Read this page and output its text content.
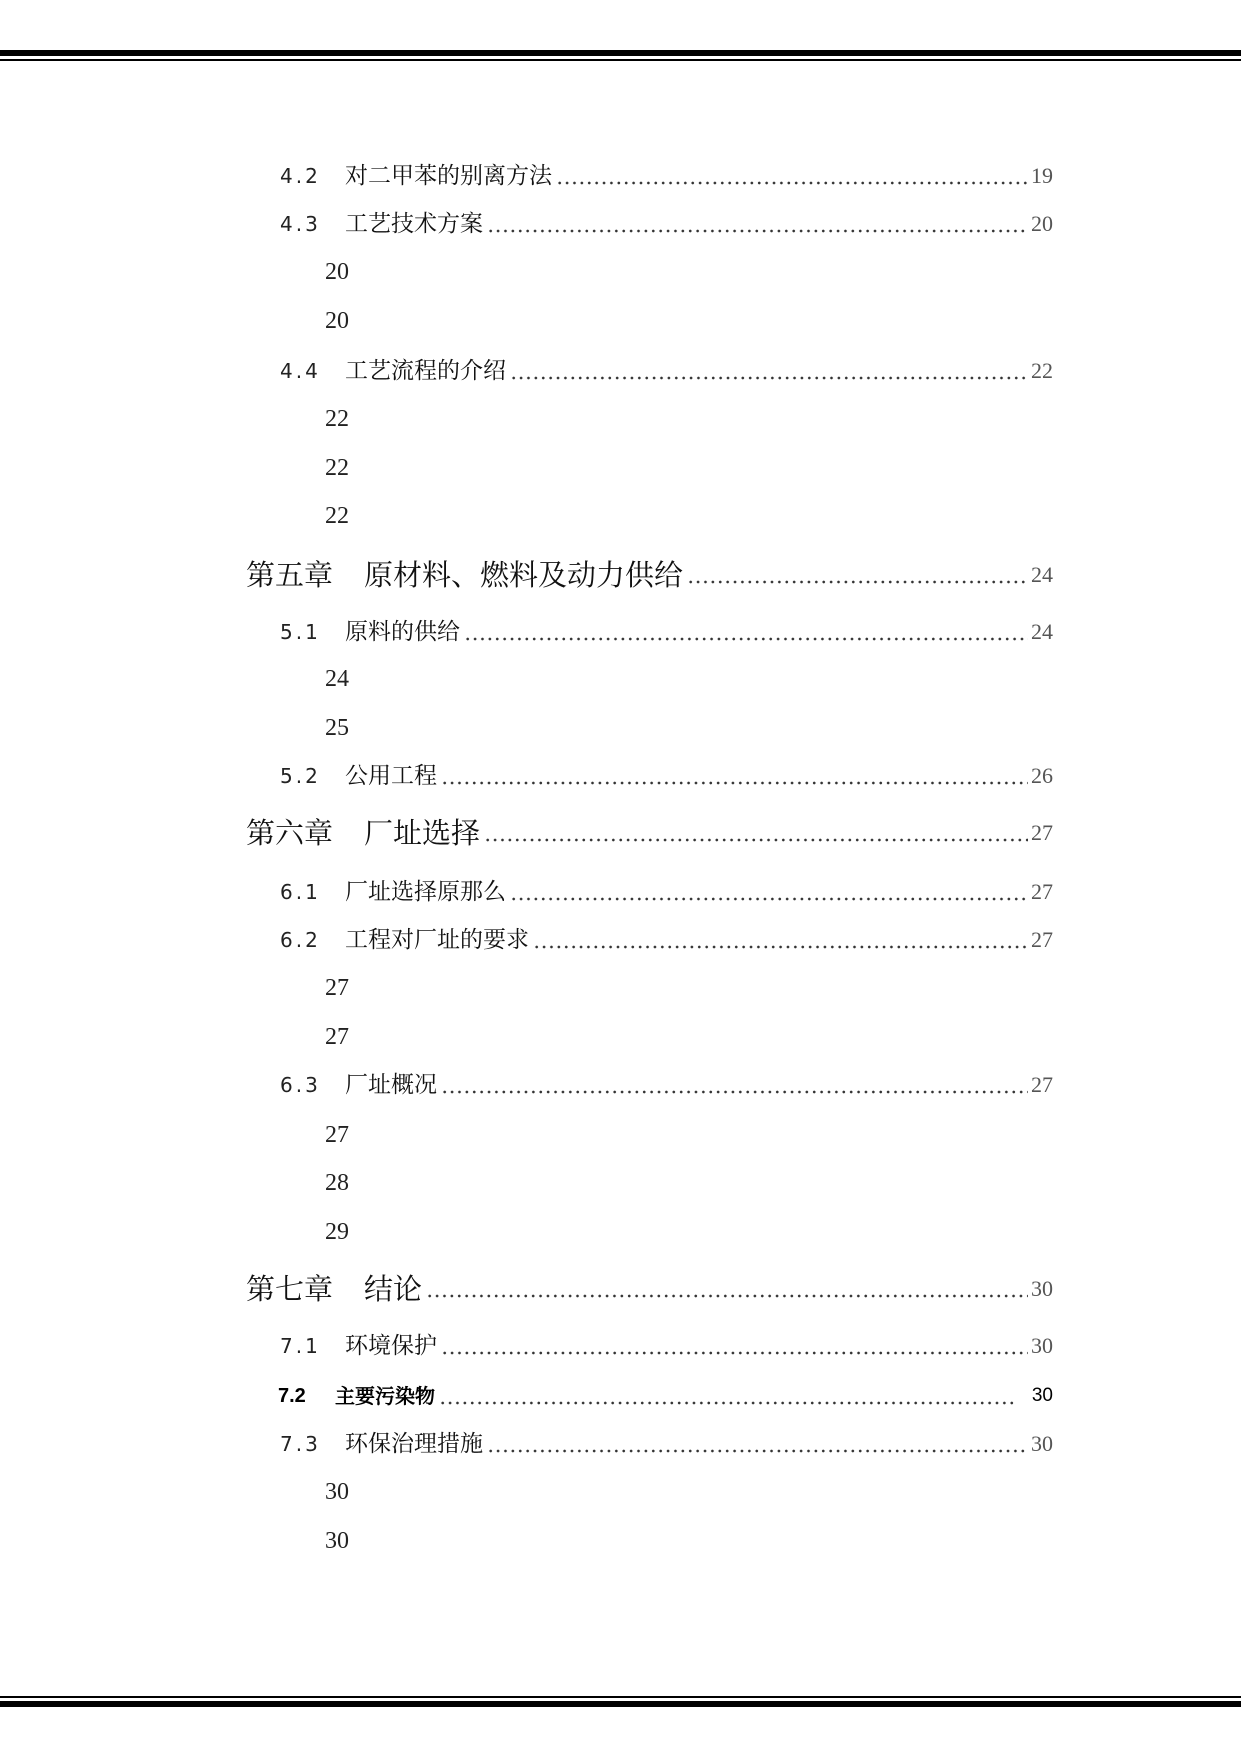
4.2 对二甲苯的别离方法	19
4.3 工艺技术方案	20
20
20
4.4 工艺流程的介绍	22
22
22
22
第五章 原材料、燃料及动力供给	24
5.1 原料的供给	24
24
25
5.2 公用工程	26
第六章 厂址选择	27
6.1 厂址选择原那么	27
6.2 工程对厂址的要求	27
27
27
6.3 厂址概况	27
27
28
29
第七章 结论	30
7.1 环境保护	30
7.2 主要污染物	30
7.3 环保治理措施	30
30
30
